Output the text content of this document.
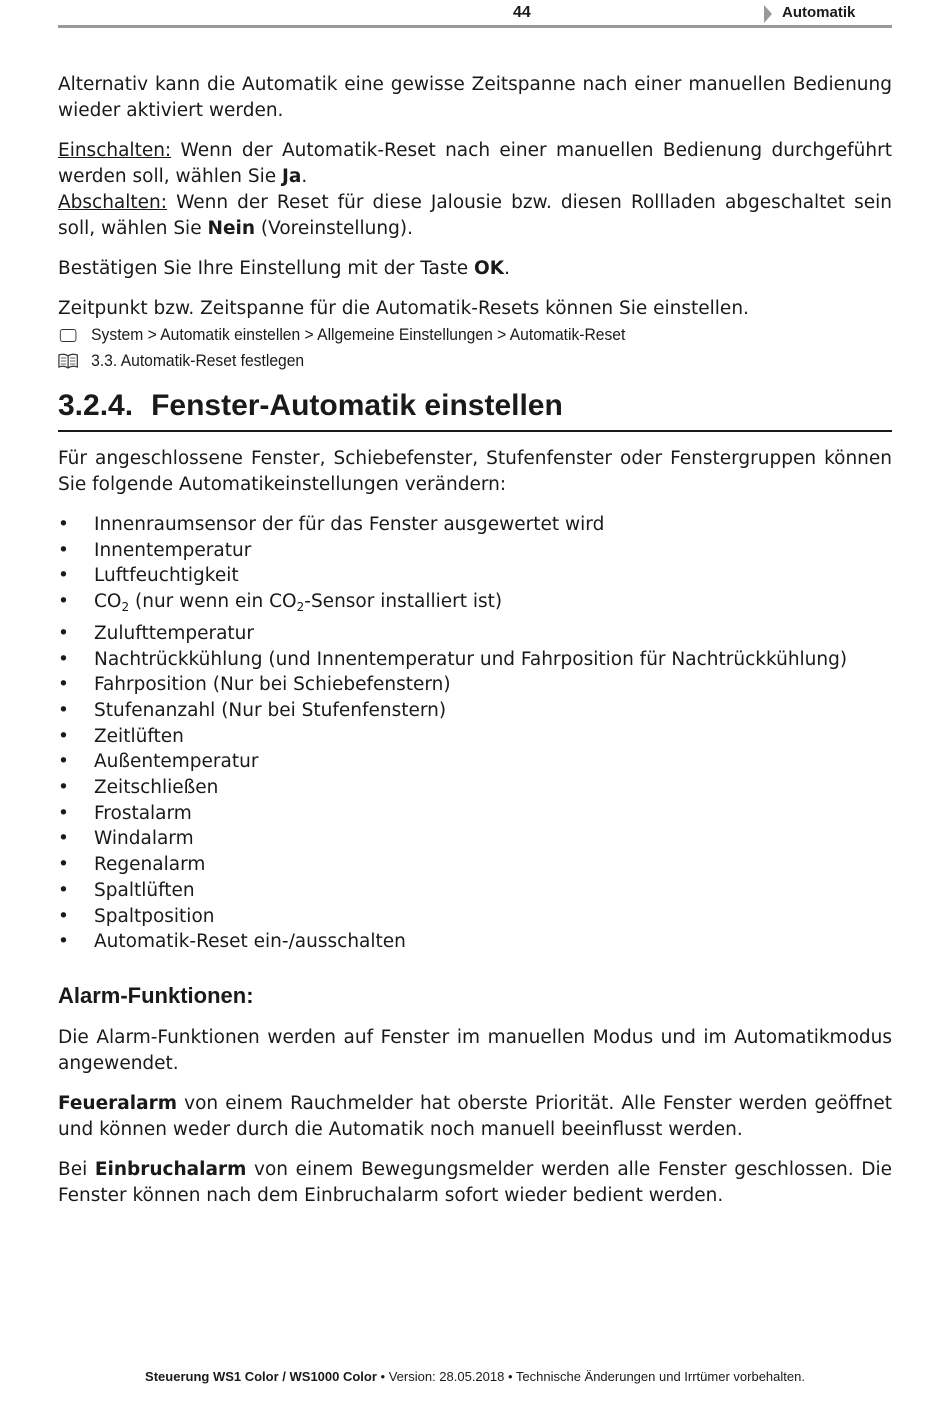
44	Automatik

Alternativ kann die Automatik eine gewisse Zeitspanne nach einer manuellen Bedienung wieder aktiviert werden.

Einschalten: Wenn der Automatik-Reset nach einer manuellen Bedienung durchgeführt werden soll, wählen Sie Ja.

Abschalten: Wenn der Reset für diese Jalousie bzw. diesen Rollladen abgeschaltet sein soll, wählen Sie Nein (Voreinstellung).

Bestätigen Sie Ihre Einstellung mit der Taste OK.

Zeitpunkt bzw. Zeitspanne für die Automatik-Resets können Sie einstellen.

System > Automatik einstellen > Allgemeine Einstellungen > Automatik-Reset
3.3. Automatik-Reset festlegen
3.2.4. Fenster-Automatik einstellen

Für angeschlossene Fenster, Schiebefenster, Stufenfenster oder Fenstergruppen können Sie folgende Automatikeinstellungen verändern:

• Innenraumsensor der für das Fenster ausgewertet wird
• Innentemperatur
• Luftfeuchtigkeit
• $CO_2$ (nur wenn ein $CO_2$-Sensor installiert ist)
• Zulufttemperatur
• Nachtrückkühlung (und Innentemperatur und Fahrposition für Nachtrückkühlung)
• Fahrposition (Nur bei Schiebefenstern)
• Stufenanzahl (Nur bei Stufenfenstern)
• Zeitlüften
• Außentemperatur
• Zeitschließen
• Frostalarm
• Windalarm
• Regenalarm
• Spaltlüften
• Spaltposition
• Automatik-Reset ein-/ausschalten
Alarm-Funktionen:

Die Alarm-Funktionen werden auf Fenster im manuellen Modus und im Automatikmodus angewendet.

Feueralarm von einem Rauchmelder hat oberste Priorität. Alle Fenster werden geöffnet und können weder durch die Automatik noch manuell beeinflusst werden.

Bei Einbruchalarm von einem Bewegungsmelder werden alle Fenster geschlossen. Die Fenster können nach dem Einbruchalarm sofort wieder bedient werden.

Steuerung WS1 Color / WS1000 Color • Version: 28.05.2018 • Technische Änderungen und Irrtümer vorbehalten.
